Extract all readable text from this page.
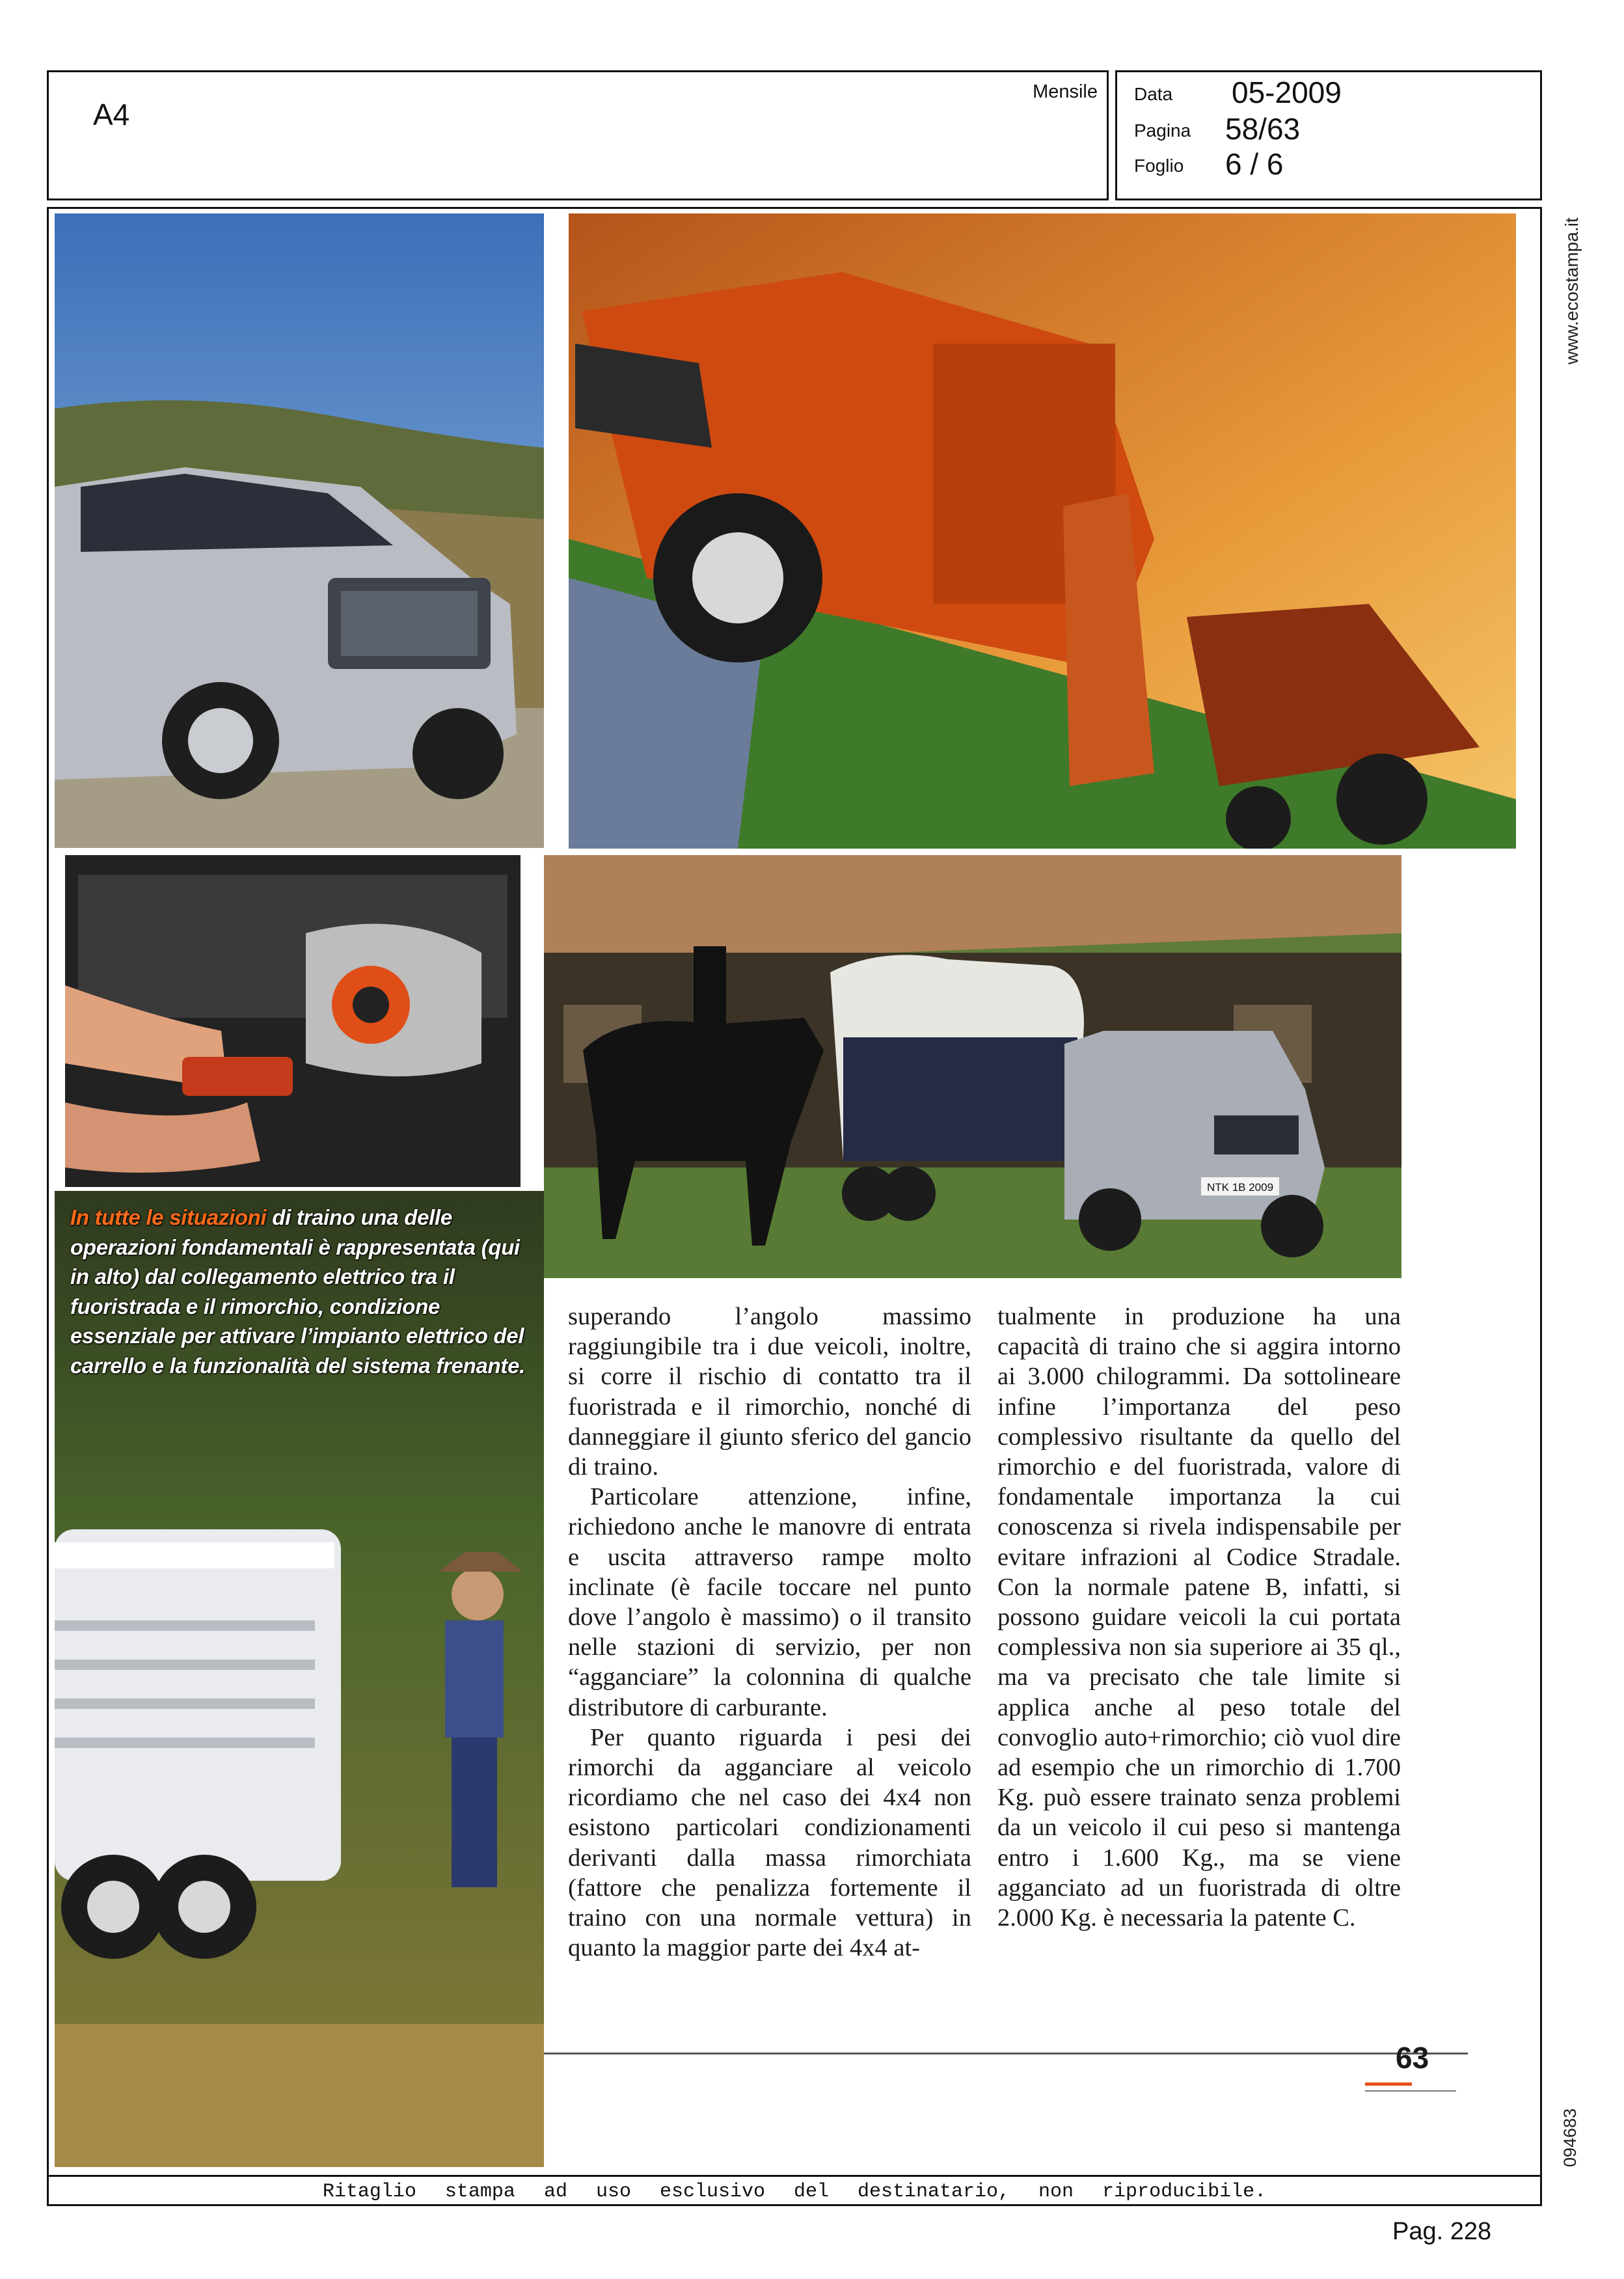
A4
Mensile Data 05-2009
Pagina 58/63
Foglio 6 / 6
NTK 1B 2009
In tutte le situazioni di traino una delle operazioni fondamentali è rappresentata (qui in alto) dal collegamento elettrico tra il fuoristrada e il rimorchio, condizione essenziale per attivare l’impianto elettrico del carrello e la funzionalità del sistema frenante.

superando l’angolo massimo raggiungibile tra i due veicoli, inoltre, si corre il rischio di contatto tra il fuoristrada e il rimorchio, nonché di danneggiare il giunto sferico del gancio di traino.

Particolare attenzione, infine, richiedono anche le manovre di entrata e uscita attraverso rampe molto inclinate (è facile toccare nel punto dove l’angolo è massimo) o il transito nelle stazioni di servizio, per non “agganciare” la colonnina di qualche distributore di carburante.

Per quanto riguarda i pesi dei rimorchi da agganciare al veicolo ricordiamo che nel caso dei 4x4 non esistono particolari condizionamenti derivanti dalla massa rimorchiata (fattore che penalizza fortemente il traino con una normale vettura) in quanto la maggior parte dei 4x4 at-

tualmente in produzione ha una capacità di traino che si aggira intorno ai 3.000 chilogrammi. Da sottolineare infine l’importanza del peso complessivo risultante da quello del rimorchio e del fuoristrada, valore di fondamentale importanza la cui conoscenza si rivela indispensabile per evitare infrazioni al Codice Stradale. Con la normale patene B, infatti, si possono guidare veicoli la cui portata complessiva non sia superiore ai 35 ql., ma va precisato che tale limite si applica anche al peso totale del convoglio auto+rimorchio; ciò vuol dire ad esempio che un rimorchio di 1.700 Kg. può essere trainato senza problemi da un veicolo il cui peso si mantenga entro i 1.600 Kg., ma se viene agganciato ad un fuoristrada di oltre 2.000 Kg. è necessaria la patente C.

63
www.ecostampa.it
094683
Ritaglio stampa ad uso esclusivo del destinatario, non riproducibile.
Pag. 228
